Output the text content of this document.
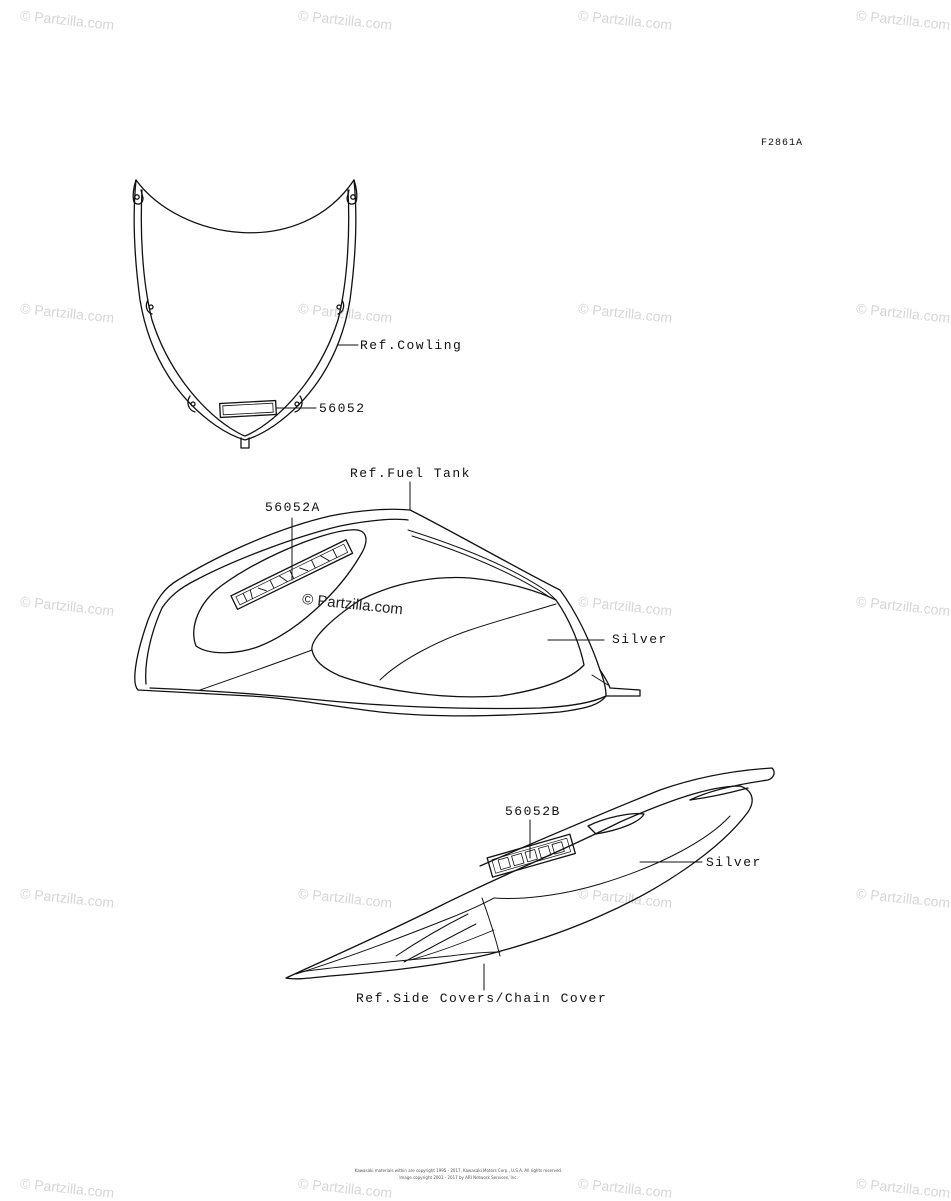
© Partzilla.com	© Partzilla.com	© Partzilla.com	© Partzilla.com
© Partzilla.com	© Partzilla.com	© Partzilla.com	© Partzilla.com
© Partzilla.com	© Partzilla.com	© Partzilla.com
© Partzilla.com	© Partzilla.com	© Partzilla.com	© Partzilla.com
© Partzilla.com	© Partzilla.com	© Partzilla.com	© Partzilla.com
© Partzilla.com
F2861A
Ref.Cowling
56052
Ref.Fuel Tank
56052A
Silver
56052B
Silver
Ref.Side Covers/Chain Cover
Kawasaki materials within are copyright 1995 - 2017, Kawasaki Motors Corp., U.S.A. All rights reserved.
Image copyright 2001 - 2017 by ARI Network Services, Inc.
